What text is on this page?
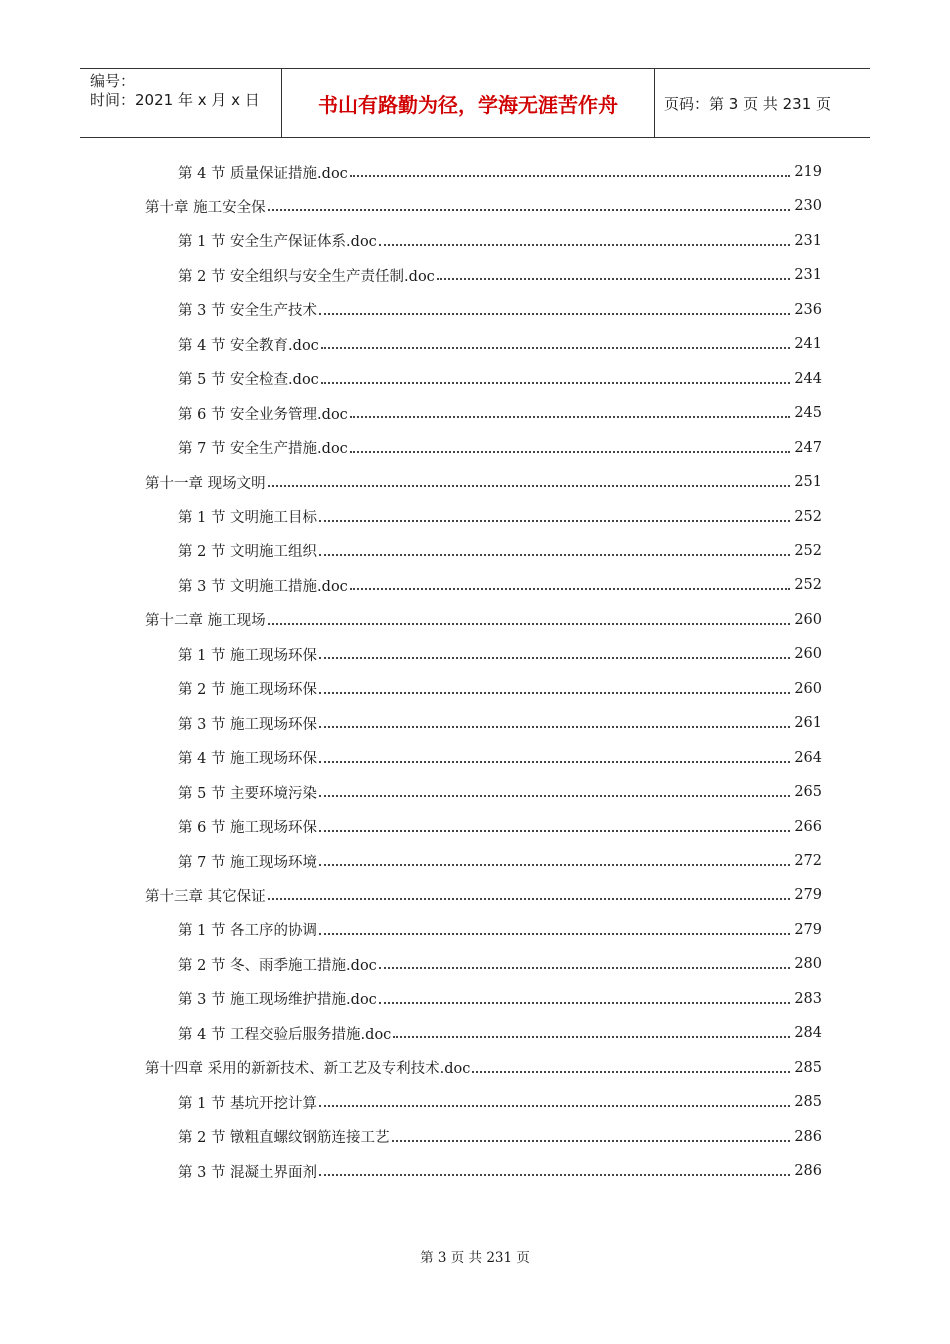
编号：
时间：2021 年 x 月 x 日	书山有路勤为径，学海无涯苦作舟	页码：第 3 页 共 231 页
第 4 节 质量保证措施.doc	219
第十章 施工安全保	230
第 1 节 安全生产保证体系.doc	231
第 2 节 安全组织与安全生产责任制.doc	231
第 3 节 安全生产技术	236
第 4 节 安全教育.doc	241
第 5 节 安全检查.doc	244
第 6 节 安全业务管理.doc	245
第 7 节 安全生产措施.doc	247
第十一章 现场文明	251
第 1 节 文明施工目标	252
第 2 节 文明施工组织	252
第 3 节 文明施工措施.doc	252
第十二章 施工现场	260
第 1 节 施工现场环保	260
第 2 节 施工现场环保	260
第 3 节 施工现场环保	261
第 4 节 施工现场环保	264
第 5 节 主要环境污染	265
第 6 节 施工现场环保	266
第 7 节 施工现场环境	272
第十三章 其它保证	279
第 1 节 各工序的协调	279
第 2 节 冬、雨季施工措施.doc	280
第 3 节 施工现场维护措施.doc	283
第 4 节 工程交验后服务措施.doc	284
第十四章 采用的新新技术、新工艺及专利技术.doc	285
第 1 节 基坑开挖计算	285
第 2 节 镦粗直螺纹钢筋连接工艺	286
第 3 节 混凝土界面剂	286
第 3 页 共 231 页
